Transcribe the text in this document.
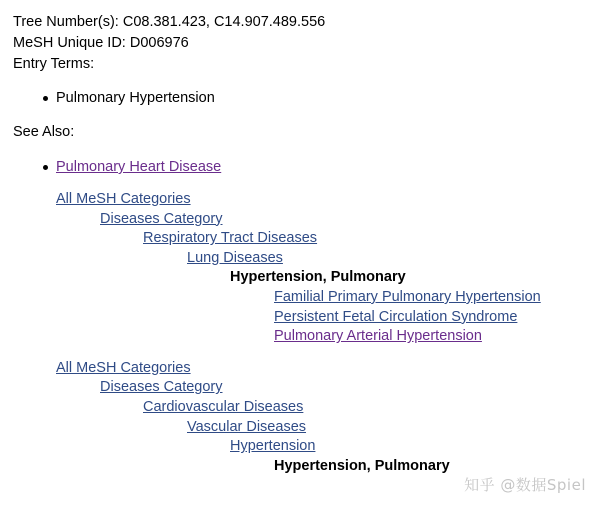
Tree Number(s): C08.381.423, C14.907.489.556
MeSH Unique ID: D006976
Entry Terms:
Pulmonary Hypertension
See Also:
Pulmonary Heart Disease
All MeSH Categories
Diseases Category
Respiratory Tract Diseases
Lung Diseases
Hypertension, Pulmonary
Familial Primary Pulmonary Hypertension
Persistent Fetal Circulation Syndrome
Pulmonary Arterial Hypertension
All MeSH Categories
Diseases Category
Cardiovascular Diseases
Vascular Diseases
Hypertension
Hypertension, Pulmonary
知乎 @数据Spiel
